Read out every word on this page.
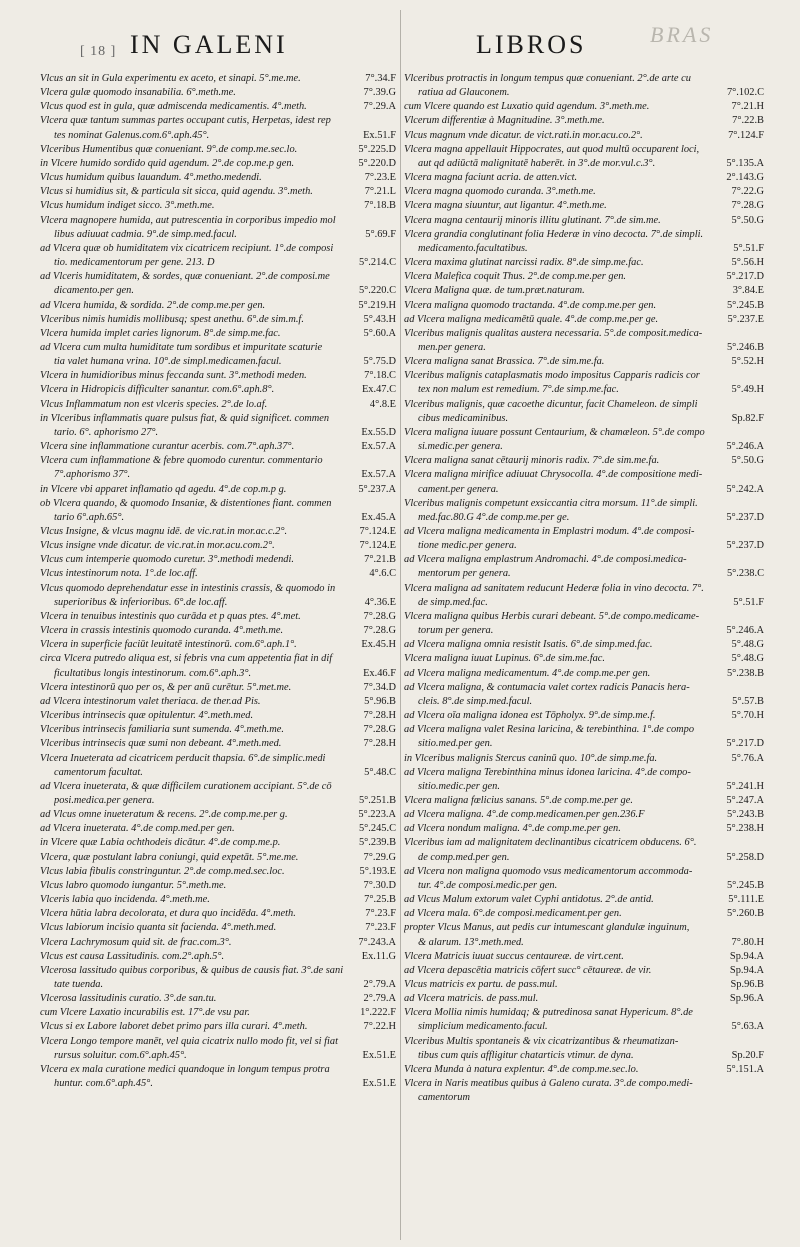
[ 18 ] IN GALENI	LIBROS	BRAS
Vlcus an sit in Gula experimentu ex aceto, et sinapi. 5°.me.me.	7°.34.F
Vlcera gulæ quomodo insanabilia. 6°.meth.me.	7°.39.G
Vlcus quod est in gula, quæ admiscenda medicamentis. 4°.meth.	7°.29.A
Vlcera quæ tantum summas partes occupant cutis, Herpetas, idest rep
tes nominat Galenus.com.6°.aph.45°.	Ex.51.F
Vlceribus Humentibus quæ conueniant. 9°.de comp.me.sec.lo.	5°.225.D
in Vlcere humido sordido quid agendum. 2°.de cop.me.p gen.	5°.220.D
Vlcus humidum quibus lauandum. 4°.metho.medendi.	7°.23.E
Vlcus si humidius sit, & particula sit sicca, quid agendu. 3°.meth.	7°.21.L
Vlcus humidum indiget sicco. 3°.meth.me.	7°.18.B
Vlcera magnopere humida, aut putrescentia in corporibus impedio mol
libus adiuuat cadmia. 9°.de simp.med.facul.	5°.69.F
ad Vlcera quæ ob humiditatem vix cicatricem recipiunt. 1°.de composi
tio. medicamentorum per gene. 213. D	5°.214.C
ad Vlceris humiditatem, & sordes, quæ conueniant. 2°.de composi.me
dicamento.per gen.	5°.220.C
ad Vlcera humida, & sordida. 2°.de comp.me.per gen.	5°.219.H
Vlceribus nimis humidis mollibusq; spest anethu. 6°.de sim.m.f.	5°.43.H
Vlcera humida implet caries lignorum. 8°.de simp.me.fac.	5°.60.A
ad Vlcera cum multa humiditate tum sordibus et impuritate scaturie
tia valet humana vrina. 10°.de simpl.medicamen.facul.	5°.75.D
Vlcera in humidioribus minus feccanda sunt. 3°.methodi meden.	7°.18.C
Vlcera in Hidropicis difficulter sanantur. com.6°.aph.8°.	Ex.47.C
Vlcus Inflammatum non est vlceris species. 2°.de lo.af.	4°.8.E
in Vlceribus inflammatis quare pulsus fiat, & quid significet. commen
tario. 6°. aphorismo 27°.	Ex.55.D
Vlcera sine inflammatione curantur acerbis. com.7°.aph.37°.	Ex.57.A
Vlcera cum inflammatione & febre quomodo curentur. commentario
7°.aphorismo 37°.	Ex.57.A
in Vlcere vbi apparet inflamatio qd agedu. 4°.de cop.m.p g.	5°.237.A
ob Vlcera quando, & quomodo Insaniæ, & distentiones fiant. commen
tario 6°.aph.65°.	Ex.45.A
Vlcus Insigne, & vlcus magnu idē. de vic.rat.in mor.ac.c.2°.	7°.124.E
Vlcus insigne vnde dicatur. de vic.rat.in mor.acu.com.2°.	7°.124.E
Vlcus cum intemperie quomodo curetur. 3°.methodi medendi.	7°.21.B
Vlcus intestinorum nota. 1°.de loc.aff.	4°.6.C
Vlcus quomodo deprehendatur esse in intestinis crassis, & quomodo in
superioribus & inferioribus. 6°.de loc.aff.	4°.36.E
Vlcera in tenuibus intestinis quo curāda et p quas ptes. 4°.met.	7°.28.G
Vlcera in crassis intestinis quomodo curanda. 4°.meth.me.	7°.28.G
Vlcera in superficie faciūt leuitatē intestinorū. com.6°.aph.1°.	Ex.45.H
circa Vlcera putredo aliqua est, si febris vna cum appetentia fiat in dif
ficultatibus longis intestinorum. com.6°.aph.3°.	Ex.46.F
Vlcera intestinorū quo per os, & per anū curētur. 5°.met.me.	7°.34.D
ad Vlcera intestinorum valet theriaca. de ther.ad Pis.	5°.96.B
Vlceribus intrinsecis quæ opitulentur. 4°.meth.med.	7°.28.H
Vlceribus intrinsecis familiaria sunt sumenda. 4°.meth.me.	7°.28.G
Vlceribus intrinsecis quæ sumi non debeant. 4°.meth.med.	7°.28.H
Vlcera Inueterata ad cicatricem perducit thapsia. 6°.de simplic.medi
camentorum facultat.	5°.48.C
ad Vlcera inueterata, & quæ difficilem curationem accipiant. 5°.de cō
posi.medica.per genera.	5°.251.B
ad Vlcus omne inueteratum & recens. 2°.de comp.me.per g.	5°.223.A
ad Vlcera inueterata. 4°.de comp.med.per gen.	5°.245.C
in Vlcere quæ Labia ochthodeis dicātur. 4°.de comp.me.p.	5°.239.B
Vlcera, quæ postulant labra coniungi, quid expetāt. 5°.me.me.	7°.29.G
Vlcus labia fibulis constringuntur. 2°.de comp.med.sec.loc.	5°.193.E
Vlcus labro quomodo iungantur. 5°.meth.me.	7°.30.D
Vlceris labia quo incidenda. 4°.meth.me.	7°.25.B
Vlcera hūtia labra decolorata, et dura quo incidēda. 4°.meth.	7°.23.F
Vlcus labiorum incisio quanta sit facienda. 4°.meth.med.	7°.23.F
Vlcera Lachrymosum quid sit. de frac.com.3°.	7°.243.A
Vlcus est causa Lassitudinis. com.2°.aph.5°.	Ex.11.G
Vlcerosa lassitudo quibus corporibus, & quibus de causis fiat. 3°.de sani
tate tuenda.	2°.79.A
Vlcerosa lassitudinis curatio. 3°.de san.tu.	2°.79.A
cum Vlcere Laxatio incurabilis est. 17°.de vsu par.	1°.222.F
Vlcus si ex Labore laboret debet primo pars illa curari. 4°.meth.	7°.22.H
Vlcera Longo tempore manēt, vel quia cicatrix nullo modo fit, vel si fiat
rursus soluitur. com.6°.aph.45°.	Ex.51.E
Vlcera ex mala curatione medici quandoque in longum tempus protra
huntur. com.6°.aph.45°.	Ex.51.E
Vlceribus protractis in longum tempus quæ conueniant. 2°.de arte cu
ratiua ad Glauconem.	7°.102.C
cum Vlcere quando est Luxatio quid agendum. 3°.meth.me.	7°.21.H
Vlcerum differentiæ à Magnitudine. 3°.meth.me.	7°.22.B
Vlcus magnum vnde dicatur. de vict.rati.in mor.acu.co.2°.	7°.124.F
Vlcera magna appellauit Hippocrates, aut quod multū occuparent loci,
aut qd adiūctā malignitatē haberēt. in 3°.de mor.vul.c.3°.	5°.135.A
Vlcera magna faciunt acria. de atten.vict.	2°.143.G
Vlcera magna quomodo curanda. 3°.meth.me.	7°.22.G
Vlcera magna siuuntur, aut ligantur. 4°.meth.me.	7°.28.G
Vlcera magna centaurij minoris illitu glutinant. 7°.de sim.me.	5°.50.G
Vlcera grandia conglutinant folia Hederæ in vino decocta. 7°.de simpli.
medicamento.facultatibus.	5°.51.F
Vlcera maxima glutinat narcissi radix. 8°.de simp.me.fac.	5°.56.H
Vlcera Malefica coquit Thus. 2°.de comp.me.per gen.	5°.217.D
Vlcera Maligna quæ. de tum.præt.naturam.	3°.84.E
Vlcera maligna quomodo tractanda. 4°.de comp.me.per gen.	5°.245.B
ad Vlcera maligna medicamētū quale. 4°.de comp.me.per ge.	5°.237.E
Vlceribus malignis qualitas austera necessaria. 5°.de composit.medica-
men.per genera.	5°.246.B
Vlcera maligna sanat Brassica. 7°.de sim.me.fa.	5°.52.H
Vlceribus malignis cataplasmatis modo impositus Capparis radicis cor
tex non malum est remedium. 7°.de simp.me.fac.	5°.49.H
Vlceribus malignis, quæ cacoethe dicuntur, facit Chameleon. de simpli
cibus medicaminibus.	Sp.82.F
Vlcera maligna iuuare possunt Centaurium, & chamæleon. 5°.de compo
si.medic.per genera.	5°.246.A
Vlcera maligna sanat cētaurij minoris radix. 7°.de sim.me.fa.	5°.50.G
Vlcera maligna mirifice adiuuat Chrysocolla. 4°.de compositione medi-
cament.per genera.	5°.242.A
Vlceribus malignis competunt exsiccantia citra morsum. 11°.de simpli.
med.fac.80.G 4°.de comp.me.per ge.	5°.237.D
ad Vlcera maligna medicamenta in Emplastri modum. 4°.de composi-
tione medic.per genera.	5°.237.D
ad Vlcera maligna emplastrum Andromachi. 4°.de composi.medica-
mentorum per genera.	5°.238.C
Vlcera maligna ad sanitatem reducunt Hederæ folia in vino decocta. 7°.
de simp.med.fac.	5°.51.F
Vlcera maligna quibus Herbis curari debeant. 5°.de compo.medicame-
torum per genera.	5°.246.A
ad Vlcera maligna omnia resistit Isatis. 6°.de simp.med.fac.	5°.48.G
Vlcera maligna iuuat Lupinus. 6°.de sim.me.fac.	5°.48.G
ad Vlcera maligna medicamentum. 4°.de comp.me.per gen.	5°.238.B
ad Vlcera maligna, & contumacia valet cortex radicis Panacis hera-
cleis. 8°.de simp.med.facul.	5°.57.B
ad Vlcera oīa maligna idonea est Tōpholyx. 9°.de simp.me.f.	5°.70.H
ad Vlcera maligna valet Resina laricina, & terebinthina. 1°.de compo
sitio.med.per gen.	5°.217.D
in Vlceribus malignis Stercus caninū quo. 10°.de simp.me.fa.	5°.76.A
ad Vlcera maligna Terebinthina minus idonea laricina. 4°.de compo-
sitio.medic.per gen.	5°.241.H
Vlcera maligna fœlicius sanans. 5°.de comp.me.per ge.	5°.247.A
ad Vlcera maligna. 4°.de comp.medicamen.per gen.236.F	5°.243.B
ad Vlcera nondum maligna. 4°.de comp.me.per gen.	5°.238.H
Vlceribus iam ad malignitatem declinantibus cicatricem obducens. 6°.
de comp.med.per gen.	5°.258.D
ad Vlcera non maligna quomodo vsus medicamentorum accommoda-
tur. 4°.de composi.medic.per gen.	5°.245.B
ad Vlcus Malum extorum valet Cyphi antidotus. 2°.de antid.	5°.111.E
ad Vlcera mala. 6°.de composi.medicament.per gen.	5°.260.B
propter Vlcus Manus, aut pedis cur intumescant glandulæ inguinum,
& alarum. 13°.meth.med.	7°.80.H
Vlcera Matricis iuuat succus centaureæ. de virt.cent.	Sp.94.A
ad Vlcera depascētia matricis cōfert succ° cētaureæ. de vir.	Sp.94.A
Vlcus matricis ex partu. de pass.mul.	Sp.96.B
ad Vlcera matricis. de pass.mul.	Sp.96.A
Vlcera Mollia nimis humidaq; & putredinosa sanat Hypericum. 8°.de
simplicium medicamento.facul.	5°.63.A
Vlceribus Multis spontaneis & vix cicatrizantibus & rheumatizan-
tibus cum quis affligitur chatarticis vtimur. de dyna.	Sp.20.F
Vlcera Munda à natura explentur. 4°.de comp.me.sec.lo.	5°.151.A
Vlcera in Naris meatibus quibus à Galeno curata. 3°.de compo.medi-
camentorum
